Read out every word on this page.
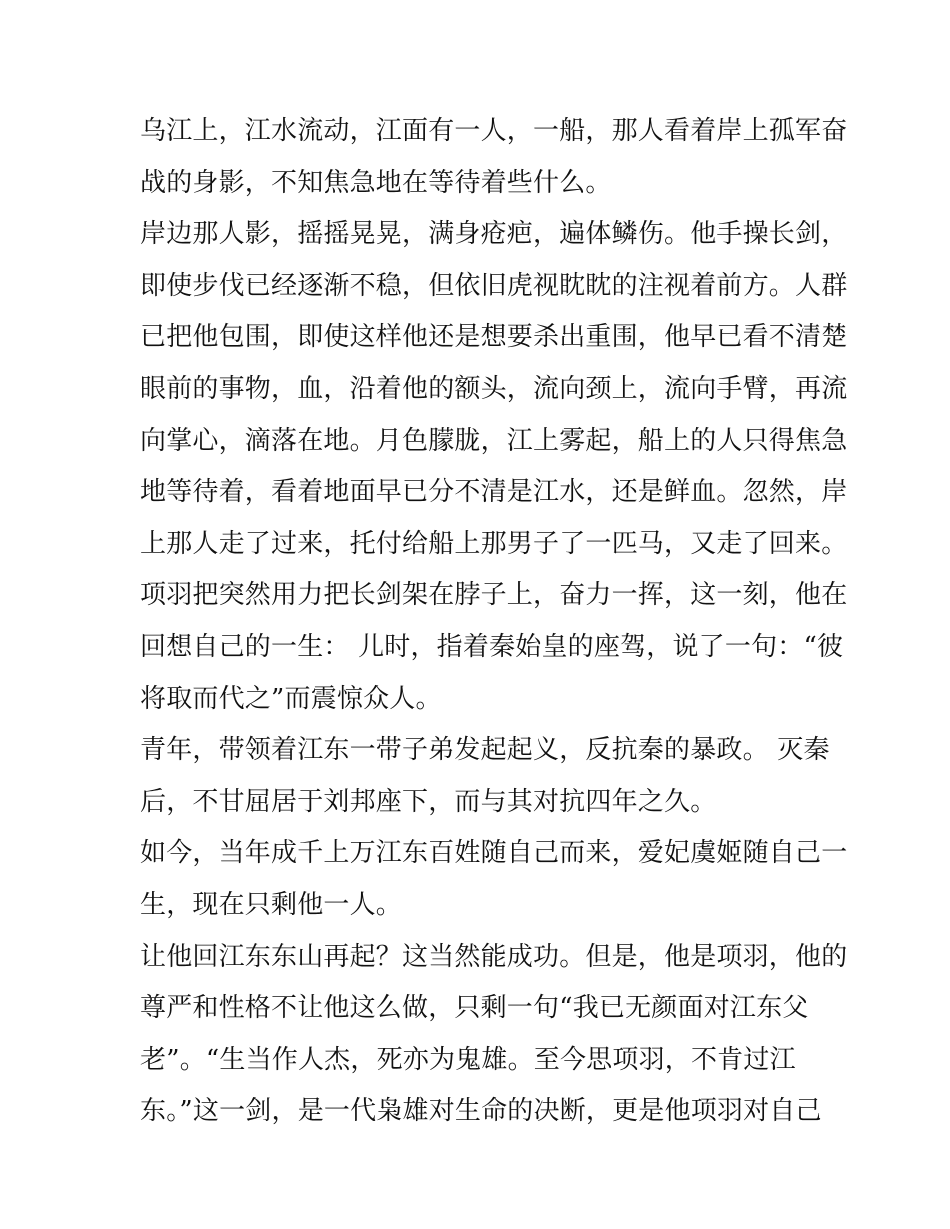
乌江上，江水流动，江面有一人，一船，那人看着岸上孤军奋
战的身影，不知焦急地在等待着些什么。
岸边那人影，摇摇晃晃，满身疮疤，遍体鳞伤。他手操长剑，
即使步伐已经逐渐不稳，但依旧虎视眈眈的注视着前方。人群
已把他包围，即使这样他还是想要杀出重围，他早已看不清楚
眼前的事物，血，沿着他的额头，流向颈上，流向手臂，再流
向掌心，滴落在地。月色朦胧，江上雾起，船上的人只得焦急
地等待着，看着地面早已分不清是江水，还是鲜血。忽然，岸
上那人走了过来，托付给船上那男子了一匹马，又走了回来。
项羽把突然用力把长剑架在脖子上，奋力一挥，这一刻，他在
回想自己的一生： 儿时，指着秦始皇的座驾，说了一句：“彼
将取而代之”而震惊众人。
青年，带领着江东一带子弟发起起义，反抗秦的暴政。 灭秦
后，不甘屈居于刘邦座下，而与其对抗四年之久。
如今，当年成千上万江东百姓随自己而来，爱妃虞姬随自己一
生，现在只剩他一人。
让他回江东东山再起？这当然能成功。但是，他是项羽，他的
尊严和性格不让他这么做，只剩一句“我已无颜面对江东父
老”。“生当作人杰，死亦为鬼雄。至今思项羽，不肯过江
东。”这一剑，是一代枭雄对生命的决断，更是他项羽对自己
